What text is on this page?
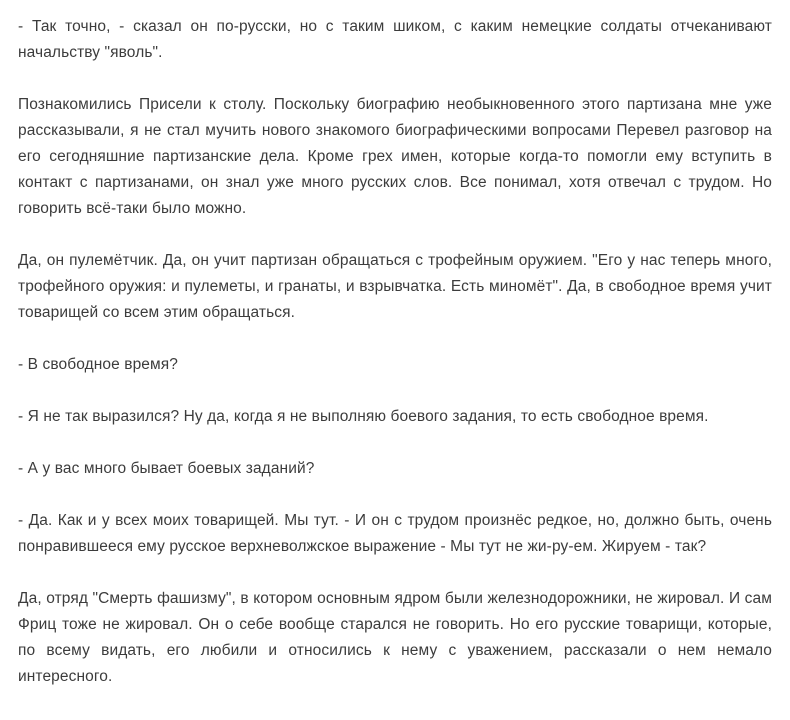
- Так точно, - сказал он по-русски, но с таким шиком, с каким немецкие солдаты отчеканивают начальству "яволь".

Познакомились Присели к столу. Поскольку биографию необыкновенного этого партизана мне уже рассказывали, я не стал мучить нового знакомого биографическими вопросами Перевел разговор на его сегодняшние партизанские дела. Кроме грех имен, которые когда-то помогли ему вступить в контакт с партизанами, он знал уже много русских слов. Все понимал, хотя отвечал с трудом. Но говорить всё-таки было можно.

Да, он пулемётчик. Да, он учит партизан обращаться с трофейным оружием. "Его у нас теперь много, трофейного оружия: и пулеметы, и гранаты, и взрывчатка. Есть миномёт". Да, в свободное время учит товарищей со всем этим обращаться.

- В свободное время?

- Я не так выразился? Ну да, когда я не выполняю боевого задания, то есть свободное время.

- А у вас много бывает боевых заданий?

- Да. Как и у всех моих товарищей. Мы тут. - И он с трудом произнёс редкое, но, должно быть, очень понравившееся ему русское верхневолжское выражение - Мы тут не жи-ру-ем. Жируем - так?

Да, отряд "Смерть фашизму", в котором основным ядром были железнодорожники, не жировал. И сам Фриц тоже не жировал. Он о себе вообще старался не говорить. Но его русские товарищи, которые, по всему видать, его любили и относились к нему с уважением, рассказали о нем немало интересного.
